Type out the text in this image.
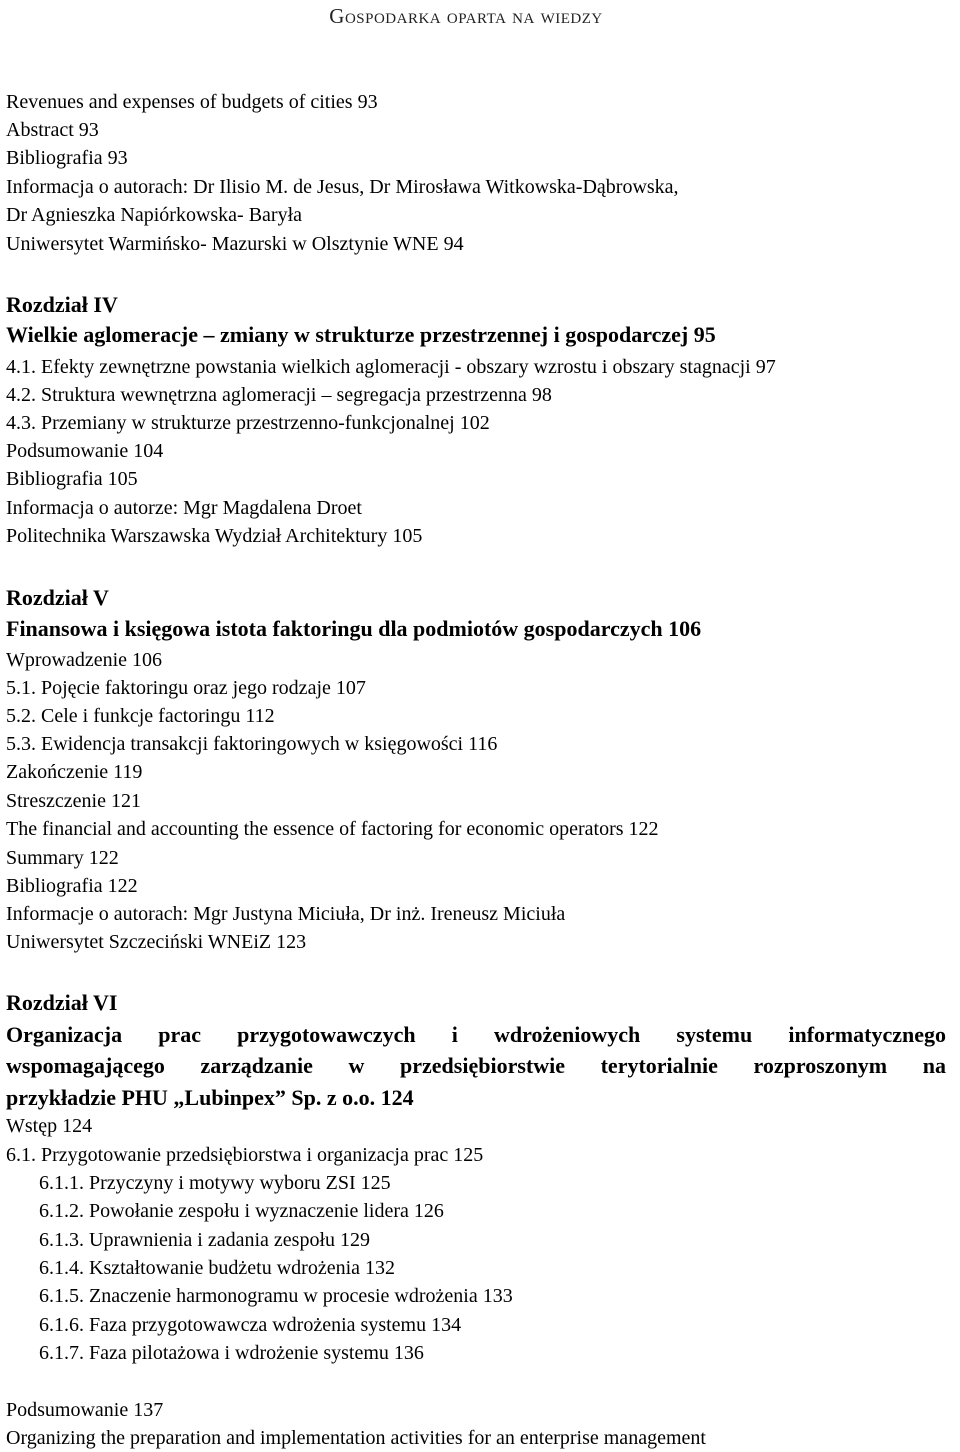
Gospodarka oparta na wiedzy
Revenues and expenses of budgets of cities 93
Abstract 93
Bibliografia 93
Informacja o autorach: Dr Ilisio M. de Jesus, Dr Mirosława Witkowska-Dąbrowska,
Dr Agnieszka Napiórkowska- Baryła
Uniwersytet Warmińsko- Mazurski w Olsztynie WNE 94
Rozdział IV
Wielkie aglomeracje – zmiany w strukturze przestrzennej i gospodarczej 95
4.1. Efekty zewnętrzne powstania wielkich aglomeracji - obszary wzrostu i obszary stagnacji 97
4.2. Struktura wewnętrzna aglomeracji – segregacja przestrzenna 98
4.3. Przemiany w strukturze przestrzenno-funkcjonalnej 102
Podsumowanie 104
Bibliografia 105
Informacja o autorze: Mgr Magdalena Droet
Politechnika Warszawska Wydział Architektury 105
Rozdział V
Finansowa i księgowa istota faktoringu dla podmiotów gospodarczych 106
Wprowadzenie 106
5.1. Pojęcie faktoringu oraz jego rodzaje 107
5.2. Cele i funkcje factoringu 112
5.3. Ewidencja transakcji faktoringowych w księgowości 116
Zakończenie 119
Streszczenie 121
The financial and accounting the essence of factoring for economic operators 122
Summary 122
Bibliografia 122
Informacje o autorach: Mgr Justyna Miciuła, Dr inż. Ireneusz Miciuła
Uniwersytet Szczeciński WNEiZ 123
Rozdział VI
Organizacja prac przygotowawczych i wdrożeniowych systemu informatycznego
wspomagającego zarządzanie w przedsiębiorstwie terytorialnie rozproszonym na
przykładzie PHU „Lubinpex” Sp. z o.o. 124
Wstęp 124
6.1. Przygotowanie przedsiębiorstwa i organizacja prac 125
6.1.1. Przyczyny i motywy wyboru ZSI 125
6.1.2. Powołanie zespołu i wyznaczenie lidera 126
6.1.3. Uprawnienia i zadania zespołu 129
6.1.4. Kształtowanie budżetu wdrożenia 132
6.1.5. Znaczenie harmonogramu w procesie wdrożenia 133
6.1.6. Faza przygotowawcza wdrożenia systemu 134
6.1.7. Faza pilotażowa i wdrożenie systemu 136
Podsumowanie 137
Organizing the preparation and implementation activities for an enterprise management
